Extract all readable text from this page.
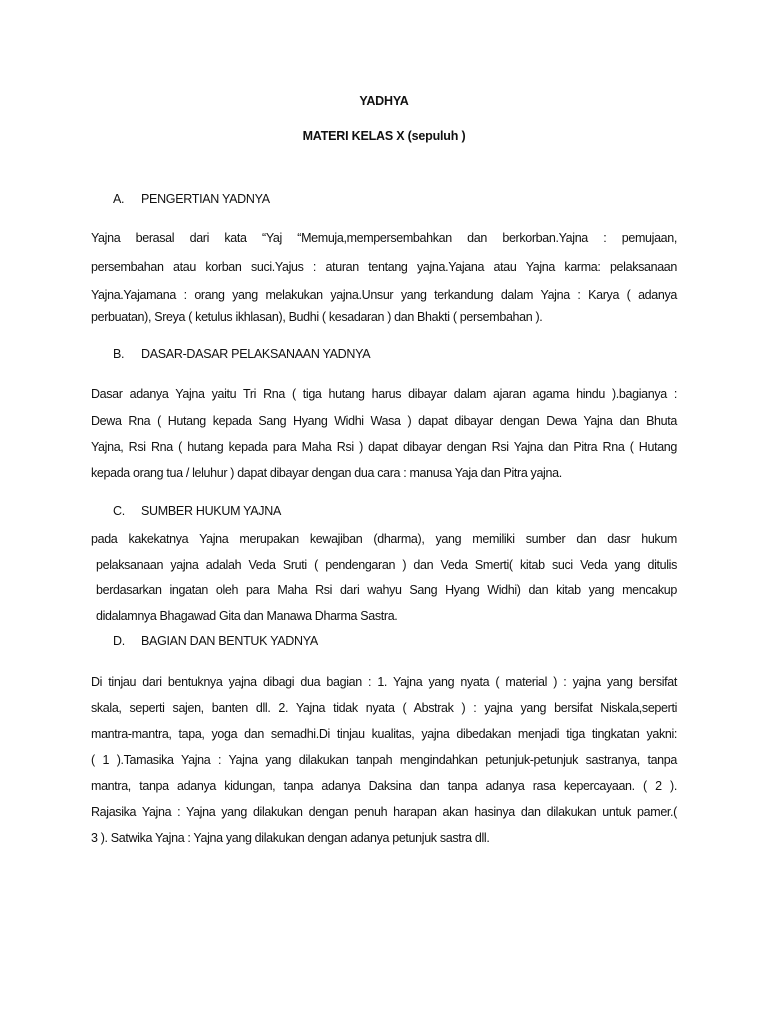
YADHYA
MATERI KELAS X (sepuluh )
A. PENGERTIAN YADNYA
Yajna berasal dari kata “Yaj “Memuja,mempersembahkan dan berkorban.Yajna : pemujaan,
persembahan atau korban suci.Yajus : aturan tentang yajna.Yajana atau Yajna karma: pelaksanaan
Yajna.Yajamana : orang yang melakukan yajna.Unsur yang terkandung dalam Yajna : Karya ( adanya
perbuatan), Sreya ( ketulus ikhlasan), Budhi ( kesadaran ) dan Bhakti ( persembahan ).
B. DASAR-DASAR PELAKSANAAN YADNYA
Dasar adanya Yajna yaitu Tri Rna ( tiga hutang harus dibayar dalam ajaran agama hindu ).bagianya :
Dewa Rna ( Hutang kepada Sang Hyang Widhi Wasa ) dapat dibayar dengan Dewa Yajna dan Bhuta
Yajna, Rsi Rna ( hutang kepada para Maha Rsi ) dapat dibayar dengan Rsi Yajna dan Pitra Rna ( Hutang
kepada orang tua / leluhur ) dapat dibayar dengan dua cara : manusa Yaja dan Pitra yajna.
C. SUMBER HUKUM YAJNA
pada kakekatnya Yajna merupakan kewajiban (dharma), yang memiliki sumber dan dasr hukum
pelaksanaan yajna adalah Veda Sruti ( pendengaran ) dan Veda Smerti( kitab suci Veda yang ditulis
berdasarkan ingatan oleh para Maha Rsi dari wahyu Sang Hyang Widhi) dan kitab yang mencakup
didalamnya Bhagawad Gita dan Manawa Dharma Sastra.
D. BAGIAN DAN BENTUK YADNYA
Di tinjau dari bentuknya yajna dibagi dua bagian : 1. Yajna yang nyata ( material ) : yajna yang bersifat
skala, seperti sajen, banten dll. 2. Yajna tidak nyata ( Abstrak ) : yajna yang bersifat Niskala,seperti
mantra-mantra, tapa, yoga dan semadhi.Di tinjau kualitas, yajna dibedakan menjadi tiga tingkatan yakni:
( 1 ).Tamasika Yajna : Yajna yang dilakukan tanpah mengindahkan petunjuk-petunjuk sastranya, tanpa
mantra, tanpa adanya kidungan, tanpa adanya Daksina dan tanpa adanya rasa kepercayaan. ( 2 ).
Rajasika Yajna : Yajna yang dilakukan dengan penuh harapan akan hasinya dan dilakukan untuk pamer.(
3 ). Satwika Yajna : Yajna yang dilakukan dengan adanya petunjuk sastra dll.
